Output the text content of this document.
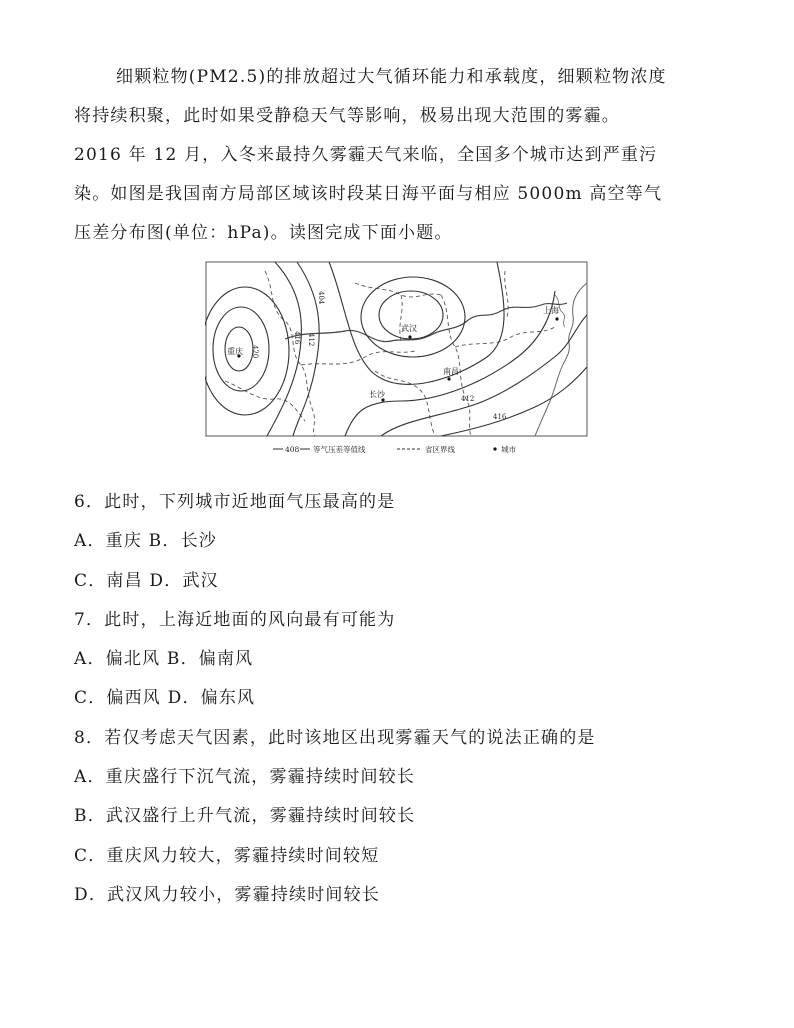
细颗粒物(PM2.5)的排放超过大气循环能力和承载度，细颗粒物浓度

将持续积聚，此时如果受静稳天气等影响，极易出现大范围的雾霾。

2016 年 12 月，入冬来最持久雾霾天气来临，全国多个城市达到严重污

染。如图是我国南方局部区域该时段某日海平面与相应 5000m 高空等气

压差分布图(单位：hPa)。读图完成下面小题。

404
416 412
412
416
420
重庆
武汉
长沙
南昌
上海
408 等气压差等值线	省区界线	城市
6．此时，下列城市近地面气压最高的是
A．重庆 B．长沙
C．南昌 D．武汉
7．此时，上海近地面的风向最有可能为
A．偏北风 B．偏南风
C．偏西风 D．偏东风
8．若仅考虑天气因素，此时该地区出现雾霾天气的说法正确的是
A．重庆盛行下沉气流，雾霾持续时间较长
B．武汉盛行上升气流，雾霾持续时间较长
C．重庆风力较大，雾霾持续时间较短
D．武汉风力较小，雾霾持续时间较长
